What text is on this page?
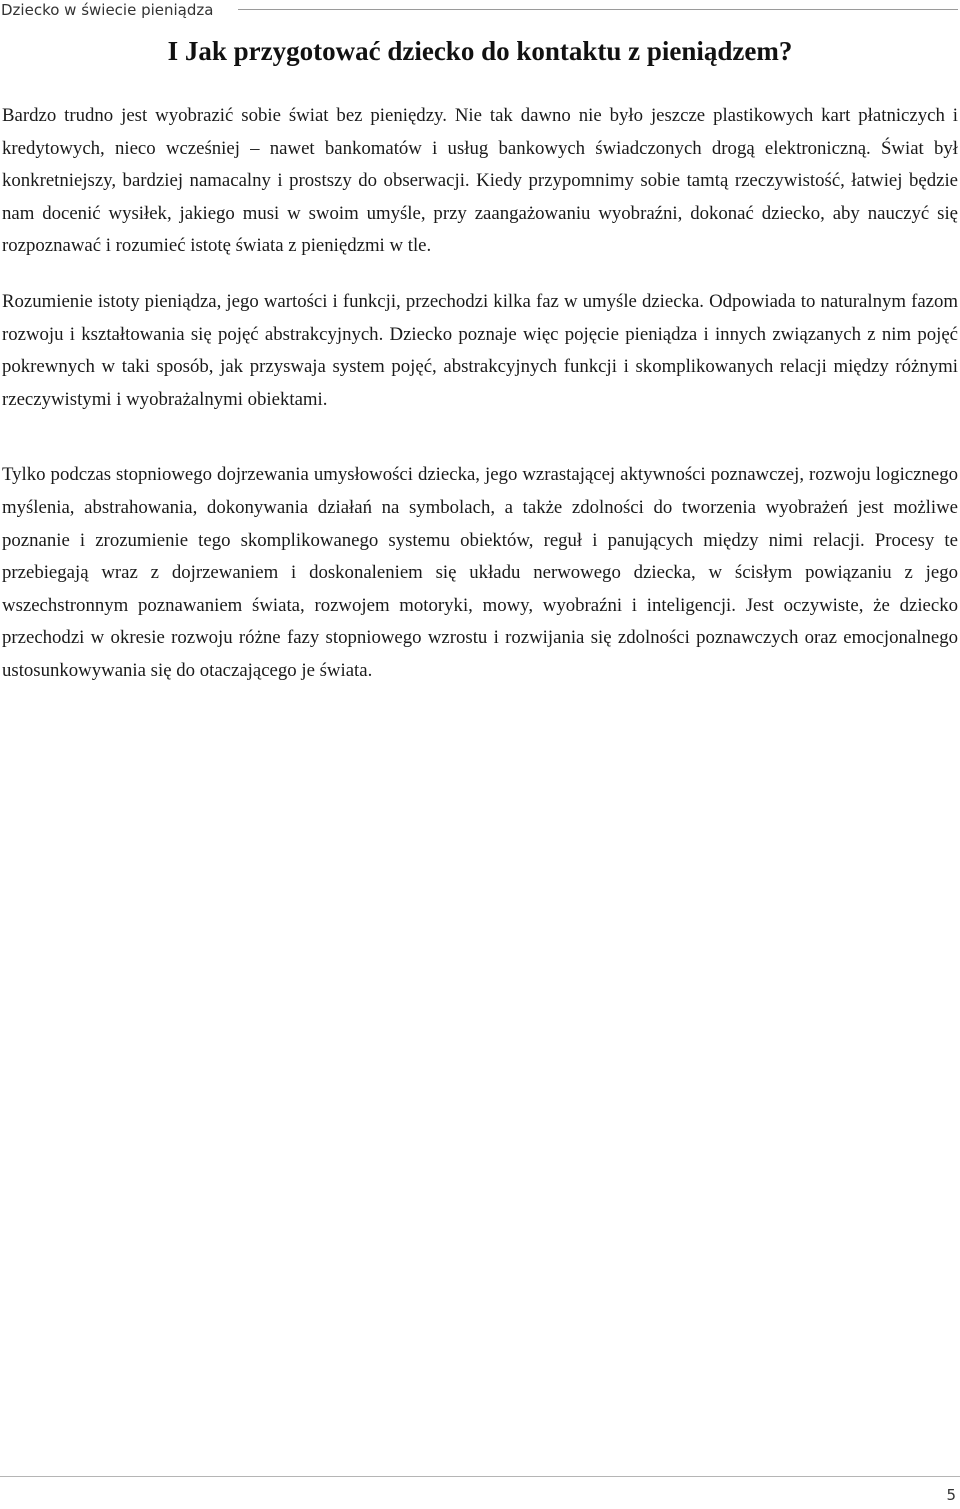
Dziecko w świecie pieniądza
I Jak przygotować dziecko do kontaktu z pieniądzem?

Bardzo trudno jest wyobrazić sobie świat bez pieniędzy. Nie tak dawno nie było jeszcze plastikowych kart płatniczych i kredytowych, nieco wcześniej – nawet bankomatów i usług bankowych świadczonych drogą elektroniczną. Świat był konkretniejszy, bardziej namacalny i prostszy do obserwacji. Kiedy przypomnimy sobie tamtą rzeczywistość, łatwiej będzie nam docenić wysiłek, jakiego musi w swoim umyśle, przy zaangażowaniu wyobraźni, dokonać dziecko, aby nauczyć się rozpoznawać i rozumieć istotę świata z pieniędzmi w tle.

Rozumienie istoty pieniądza, jego wartości i funkcji, przechodzi kilka faz w umyśle dziecka. Odpowiada to naturalnym fazom rozwoju i kształtowania się pojęć abstrakcyjnych. Dziecko poznaje więc pojęcie pieniądza i innych związanych z nim pojęć pokrewnych w taki sposób, jak przyswaja system pojęć, abstrakcyjnych funkcji i skomplikowanych relacji między różnymi rzeczywistymi i wyobrażalnymi obiektami.

Tylko podczas stopniowego dojrzewania umysłowości dziecka, jego wzrastającej aktywności poznawczej, rozwoju logicznego myślenia, abstrahowania, dokonywania działań na symbolach, a także zdolności do tworzenia wyobrażeń jest możliwe poznanie i zrozumienie tego skomplikowanego systemu obiektów, reguł i panujących między nimi relacji. Procesy te przebiegają wraz z dojrzewaniem i doskonaleniem się układu nerwowego dziecka, w ścisłym powiązaniu z jego wszechstronnym poznawaniem świata, rozwojem motoryki, mowy, wyobraźni i inteligencji. Jest oczywiste, że dziecko przechodzi w okresie rozwoju różne fazy stopniowego wzrostu i rozwijania się zdolności poznawczych oraz emocjonalnego ustosunkowywania się do otaczającego je świata.

5
